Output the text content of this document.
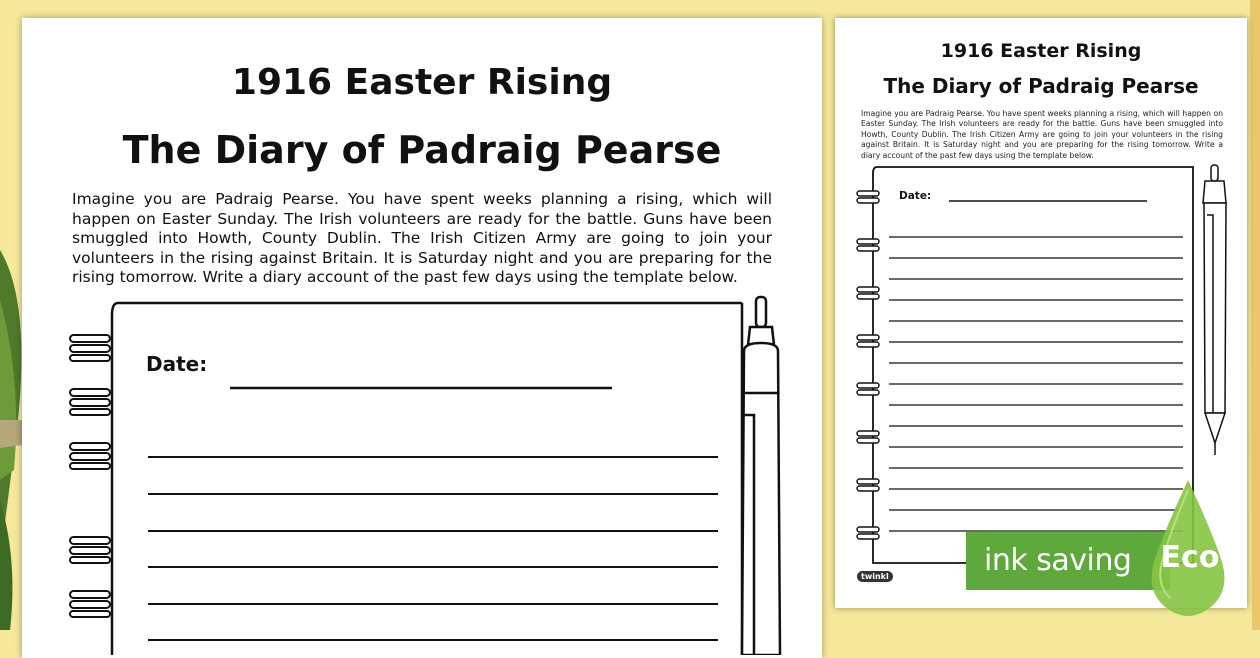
1916 Easter Rising
The Diary of Padraig Pearse

Imagine you are Padraig Pearse. You have spent weeks planning a rising, which will happen on Easter Sunday. The Irish volunteers are ready for the battle. Guns have been smuggled into Howth, County Dublin. The Irish Citizen Army are going to join your volunteers in the rising against Britain. It is Saturday night and you are preparing for the rising tomorrow. Write a diary account of the past few days using the template below.

Date:
1916 Easter Rising
The Diary of Padraig Pearse

Imagine you are Padraig Pearse. You have spent weeks planning a rising, which will happen on Easter Sunday. The Irish volunteers are ready for the battle. Guns have been smuggled into Howth, County Dublin. The Irish Citizen Army are going to join your volunteers in the rising against Britain. It is Saturday night and you are preparing for the rising tomorrow. Write a diary account of the past few days using the template below.

Date:
twinkl	ink saving Eco
